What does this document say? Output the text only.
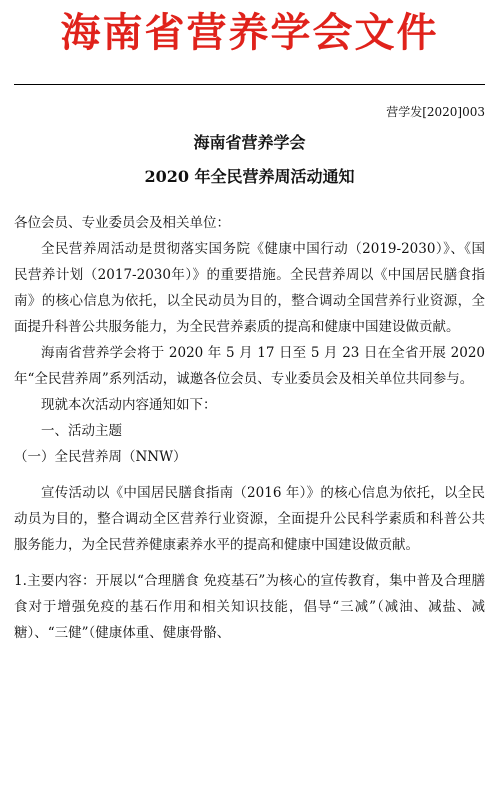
海南省营养学会文件
营学发[2020]003
海南省营养学会
2020 年全民营养周活动通知

各位会员、专业委员会及相关单位：

全民营养周活动是贯彻落实国务院《健康中国行动（2019-2030）》、《国民营养计划（2017-2030年）》的重要措施。全民营养周以《中国居民膳食指南》的核心信息为依托，以全民动员为目的，整合调动全国营养行业资源，全面提升科普公共服务能力，为全民营养素质的提高和健康中国建设做贡献。

海南省营养学会将于 2020 年 5 月 17 日至 5 月 23 日在全省开展 2020 年“全民营养周”系列活动，诚邀各位会员、专业委员会及相关单位共同参与。

现就本次活动内容通知如下：

一、活动主题

（一）全民营养周（NNW）

宣传活动以《中国居民膳食指南（2016 年）》的核心信息为依托，以全民动员为目的，整合调动全区营养行业资源，全面提升公民科学素质和科普公共服务能力，为全民营养健康素养水平的提高和健康中国建设做贡献。

1.主要内容：开展以“合理膳食 免疫基石”为核心的宣传教育，集中普及合理膳食对于增强免疫的基石作用和相关知识技能，倡导“三减”（减油、减盐、减糖）、“三健”（健康体重、健康骨骼、
